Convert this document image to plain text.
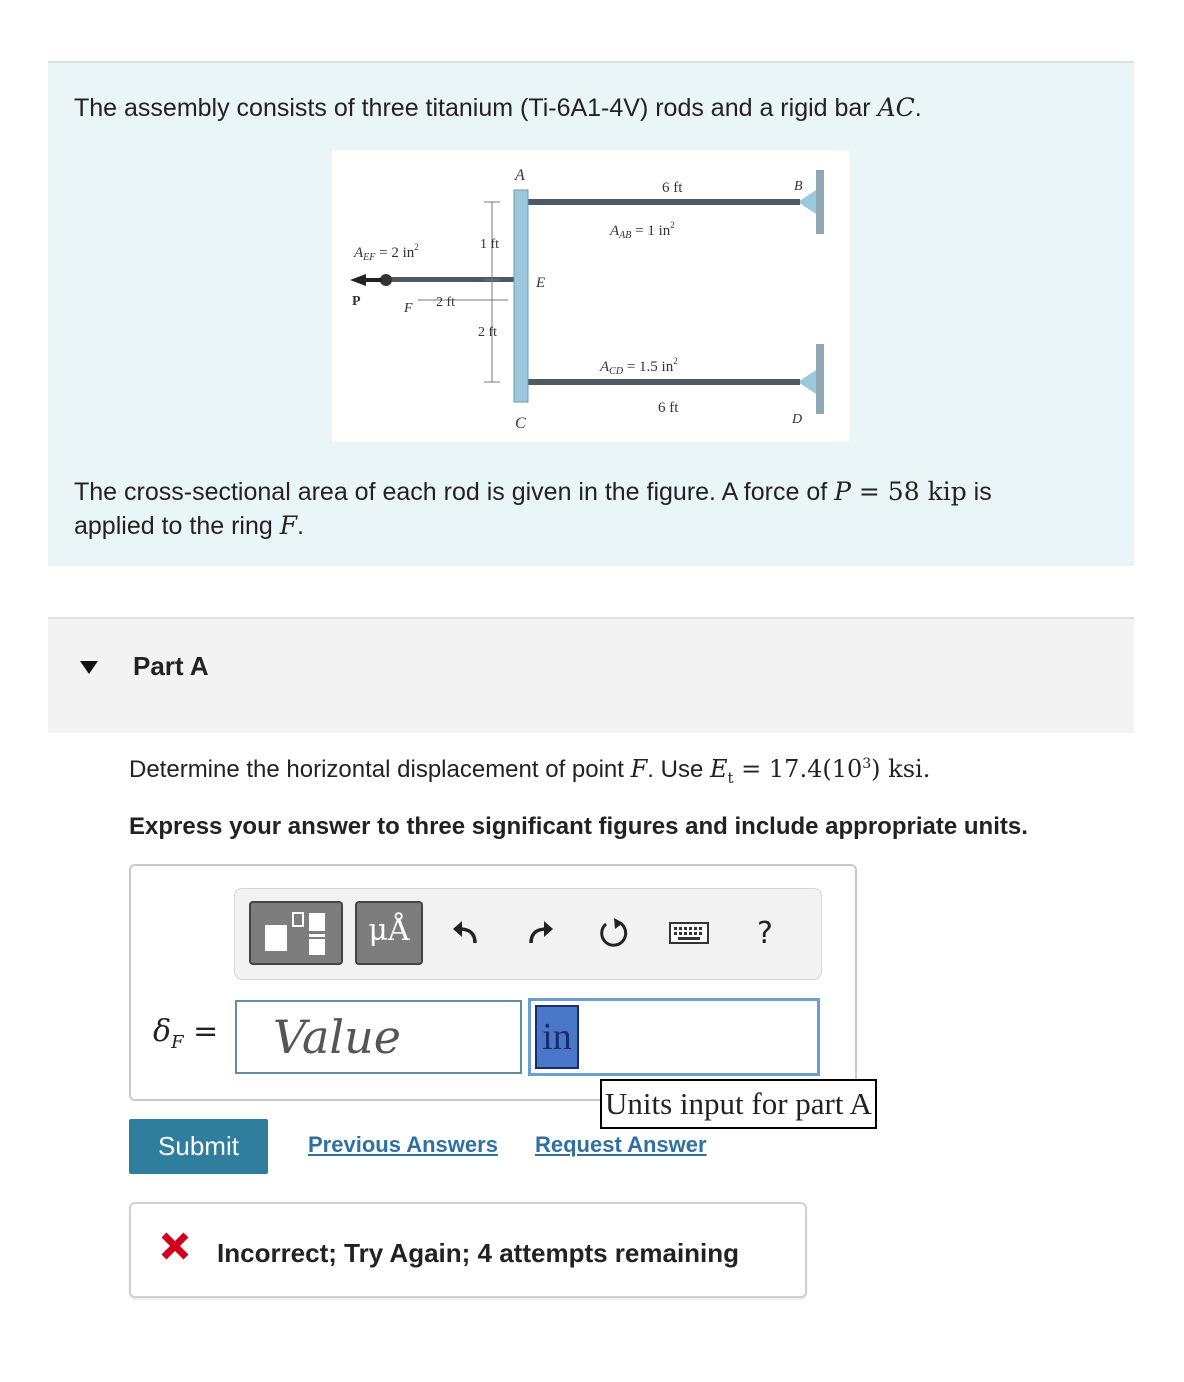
The assembly consists of three titanium (Ti-6A1-4V) rods and a rigid bar AC.

A
B
C	D
E
F
P
6 ft
6 ft
$A_{AB} = 1$ $in^2$
$A_{CD} = 1.5$ $in^2$
$A_{EF} = 2$ $in^2$	1 ft
2 ft
2 ft

The cross-sectional area of each rod is given in the figure. A force of P = 58 kip is
applied to the ring F.

Part A

Determine the horizontal displacement of point F. Use $E_t = 17.4(10^3)$ ksi.

Express your answer to three significant figures and include appropriate units.

μÅ	?
$\delta_F$ =	Value	in
Units input for part A
Submit	Previous Answers Request Answer
Incorrect; Try Again; 4 attempts remaining
